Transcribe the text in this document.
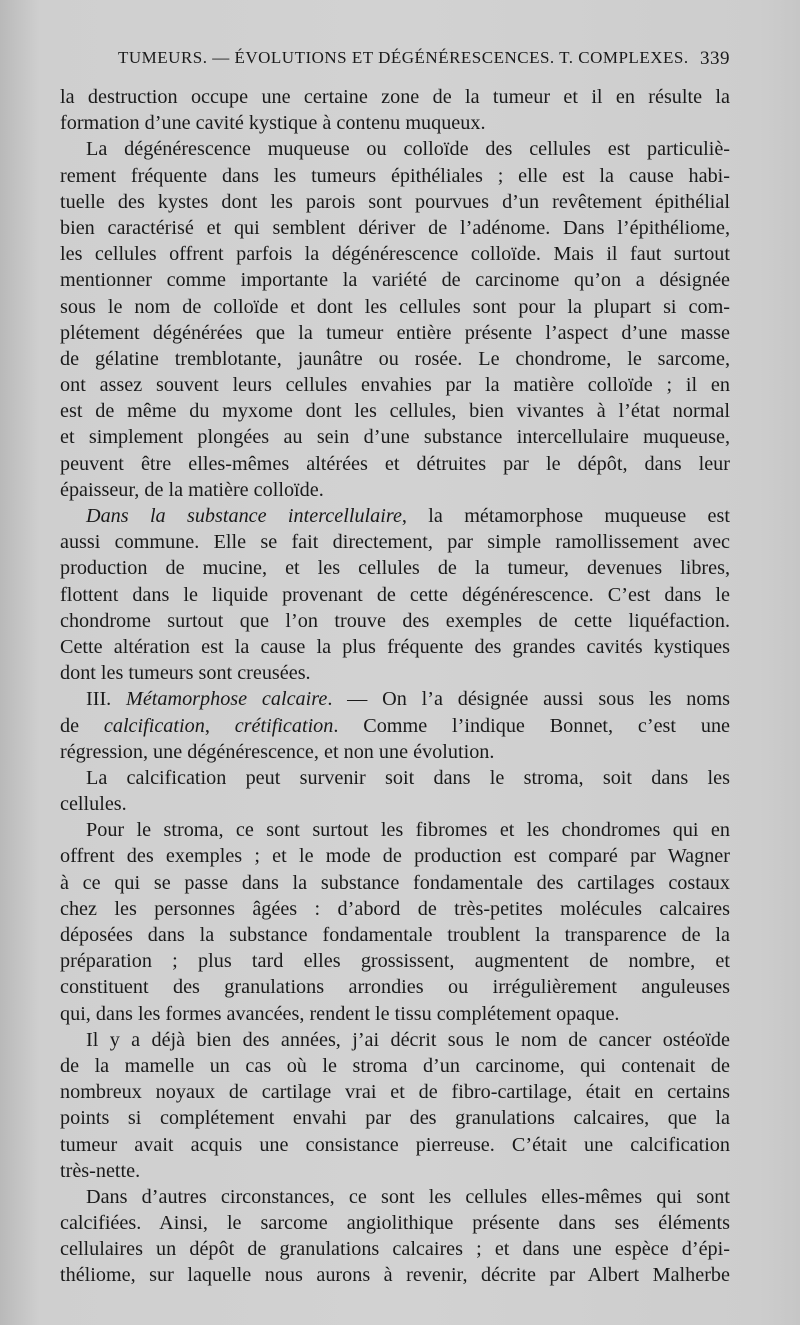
TUMEURS. — ÉVOLUTIONS ET DÉGÉNÉRESCENCES. T. COMPLEXES. 339
la destruction occupe une certaine zone de la tumeur et il en résulte la
formation d’une cavité kystique à contenu muqueux.
La dégénérescence muqueuse ou colloïde des cellules est particuliè-
rement fréquente dans les tumeurs épithéliales ; elle est la cause habi-
tuelle des kystes dont les parois sont pourvues d’un revêtement épithélial
bien caractérisé et qui semblent dériver de l’adénome. Dans l’épithéliome,
les cellules offrent parfois la dégénérescence colloïde. Mais il faut surtout
mentionner comme importante la variété de carcinome qu’on a désignée
sous le nom de colloïde et dont les cellules sont pour la plupart si com-
plétement dégénérées que la tumeur entière présente l’aspect d’une masse
de gélatine tremblotante, jaunâtre ou rosée. Le chondrome, le sarcome,
ont assez souvent leurs cellules envahies par la matière colloïde ; il en
est de même du myxome dont les cellules, bien vivantes à l’état normal
et simplement plongées au sein d’une substance intercellulaire muqueuse,
peuvent être elles-mêmes altérées et détruites par le dépôt, dans leur
épaisseur, de la matière colloïde.
Dans la substance intercellulaire, la métamorphose muqueuse est
aussi commune. Elle se fait directement, par simple ramollissement avec
production de mucine, et les cellules de la tumeur, devenues libres,
flottent dans le liquide provenant de cette dégénérescence. C’est dans le
chondrome surtout que l’on trouve des exemples de cette liquéfaction.
Cette altération est la cause la plus fréquente des grandes cavités kystiques
dont les tumeurs sont creusées.
III. Métamorphose calcaire. — On l’a désignée aussi sous les noms
de calcification, crétification. Comme l’indique Bonnet, c’est une
régression, une dégénérescence, et non une évolution.
La calcification peut survenir soit dans le stroma, soit dans les
cellules.
Pour le stroma, ce sont surtout les fibromes et les chondromes qui en
offrent des exemples ; et le mode de production est comparé par Wagner
à ce qui se passe dans la substance fondamentale des cartilages costaux
chez les personnes âgées : d’abord de très-petites molécules calcaires
déposées dans la substance fondamentale troublent la transparence de la
préparation ; plus tard elles grossissent, augmentent de nombre, et
constituent des granulations arrondies ou irrégulièrement anguleuses
qui, dans les formes avancées, rendent le tissu complétement opaque.
Il y a déjà bien des années, j’ai décrit sous le nom de cancer ostéoïde
de la mamelle un cas où le stroma d’un carcinome, qui contenait de
nombreux noyaux de cartilage vrai et de fibro-cartilage, était en certains
points si complétement envahi par des granulations calcaires, que la
tumeur avait acquis une consistance pierreuse. C’était une calcification
très-nette.
Dans d’autres circonstances, ce sont les cellules elles-mêmes qui sont
calcifiées. Ainsi, le sarcome angiolithique présente dans ses éléments
cellulaires un dépôt de granulations calcaires ; et dans une espèce d’épi-
théliome, sur laquelle nous aurons à revenir, décrite par Albert Malherbe
